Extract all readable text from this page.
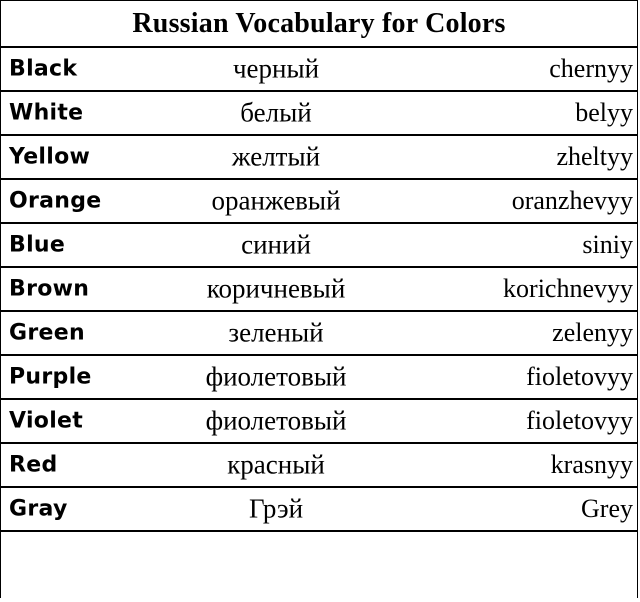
Russian Vocabulary for Colors
Black	черный	chernyy
White	белый	belyy
Yellow	желтый	zheltyy
Orange	оранжевый	oranzhevyy
Blue	синий	siniy
Brown	коричневый	korichnevyy
Green	зеленый	zelenyy
Purple	фиолетовый	fioletovyy
Violet	фиолетовый	fioletovyy
Red	красный	krasnyy
Gray	Грэй	Grey
